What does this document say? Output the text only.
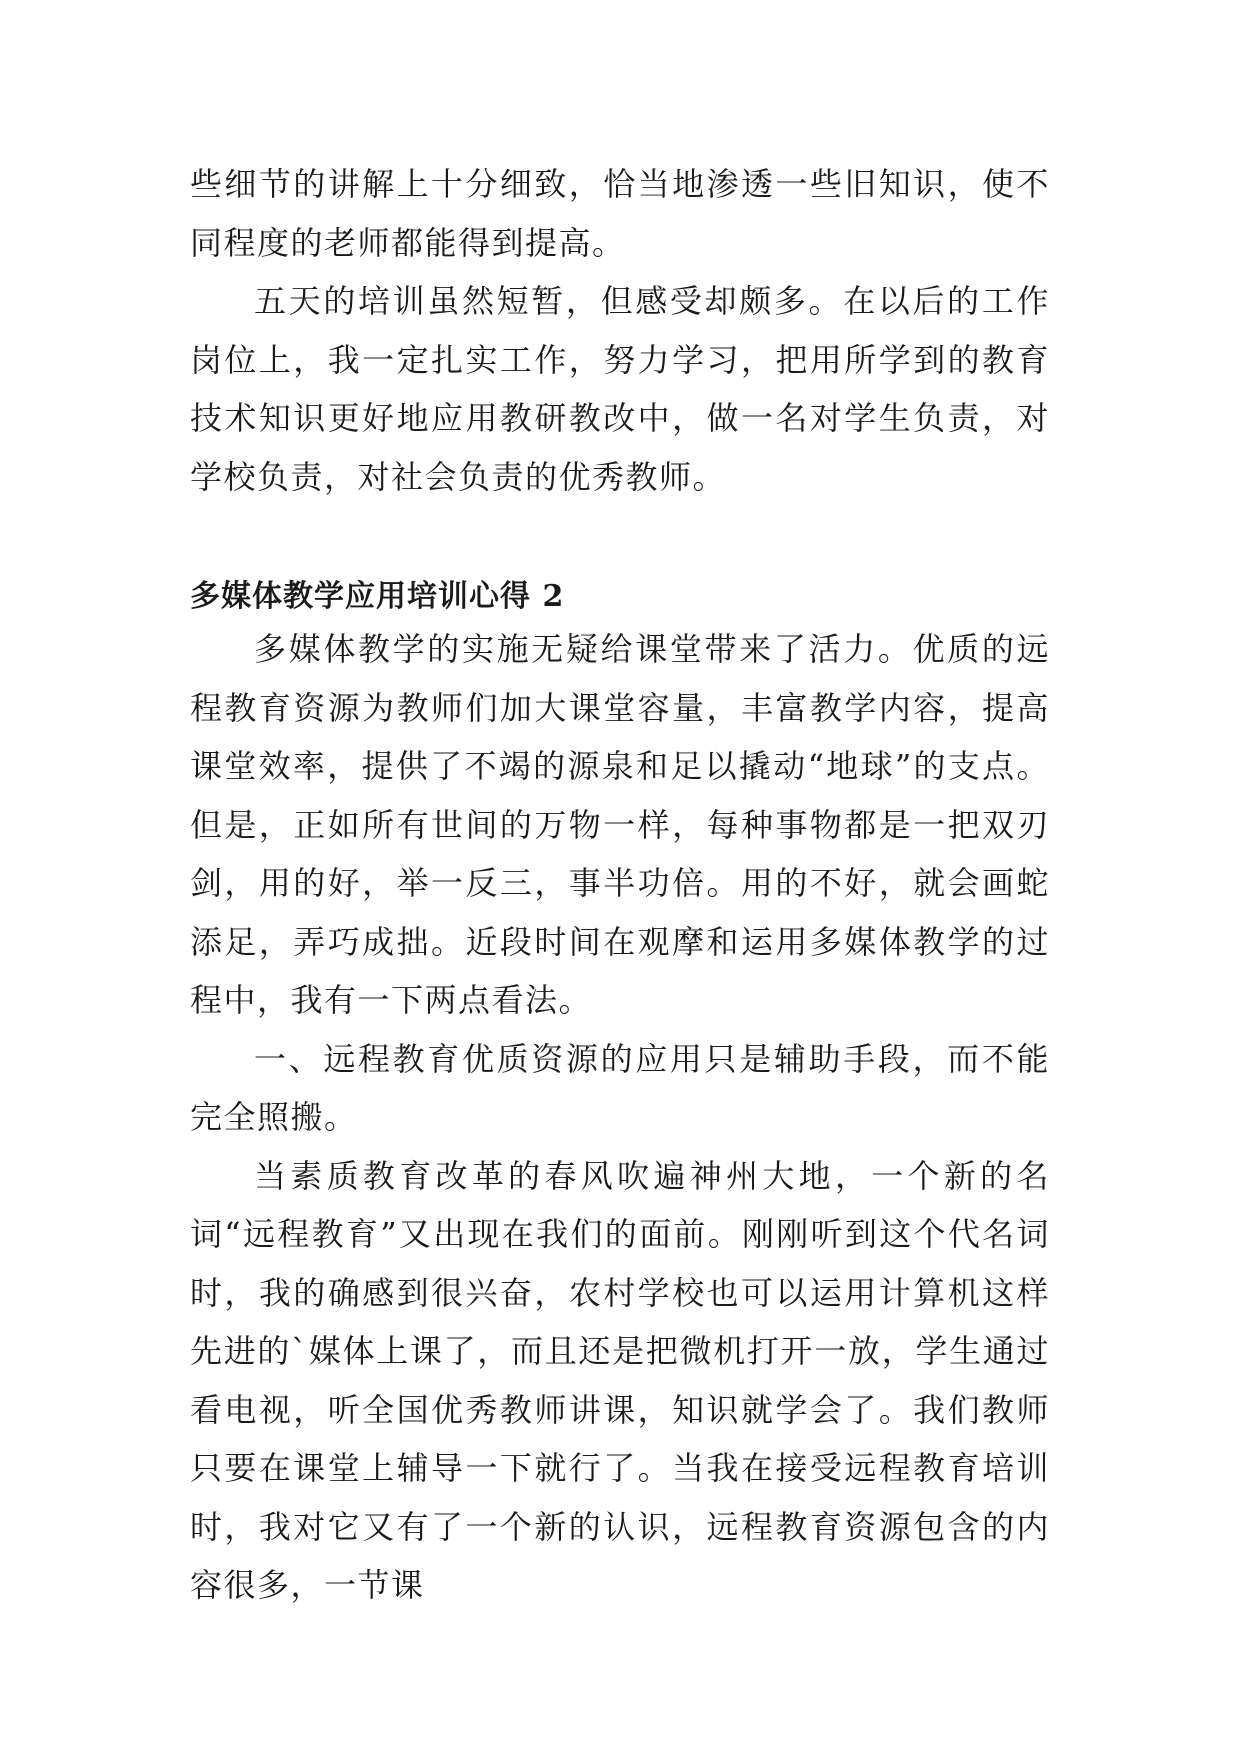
些细节的讲解上十分细致，恰当地渗透一些旧知识，使不同程度的老师都能得到提高。

五天的培训虽然短暂，但感受却颇多。在以后的工作岗位上，我一定扎实工作，努力学习，把用所学到的教育技术知识更好地应用教研教改中，做一名对学生负责，对学校负责，对社会负责的优秀教师。

多媒体教学应用培训心得 2

多媒体教学的实施无疑给课堂带来了活力。优质的远程教育资源为教师们加大课堂容量，丰富教学内容，提高课堂效率，提供了不竭的源泉和足以撬动“地球”的支点。但是，正如所有世间的万物一样，每种事物都是一把双刃剑，用的好，举一反三，事半功倍。用的不好，就会画蛇添足，弄巧成拙。近段时间在观摩和运用多媒体教学的过程中，我有一下两点看法。

一、远程教育优质资源的应用只是辅助手段，而不能完全照搬。

当素质教育改革的春风吹遍神州大地，一个新的名词“远程教育”又出现在我们的面前。刚刚听到这个代名词时，我的确感到很兴奋，农村学校也可以运用计算机这样先进的`媒体上课了，而且还是把微机打开一放，学生通过看电视，听全国优秀教师讲课，知识就学会了。我们教师只要在课堂上辅导一下就行了。当我在接受远程教育培训时，我对它又有了一个新的认识，远程教育资源包含的内容很多，一节课
